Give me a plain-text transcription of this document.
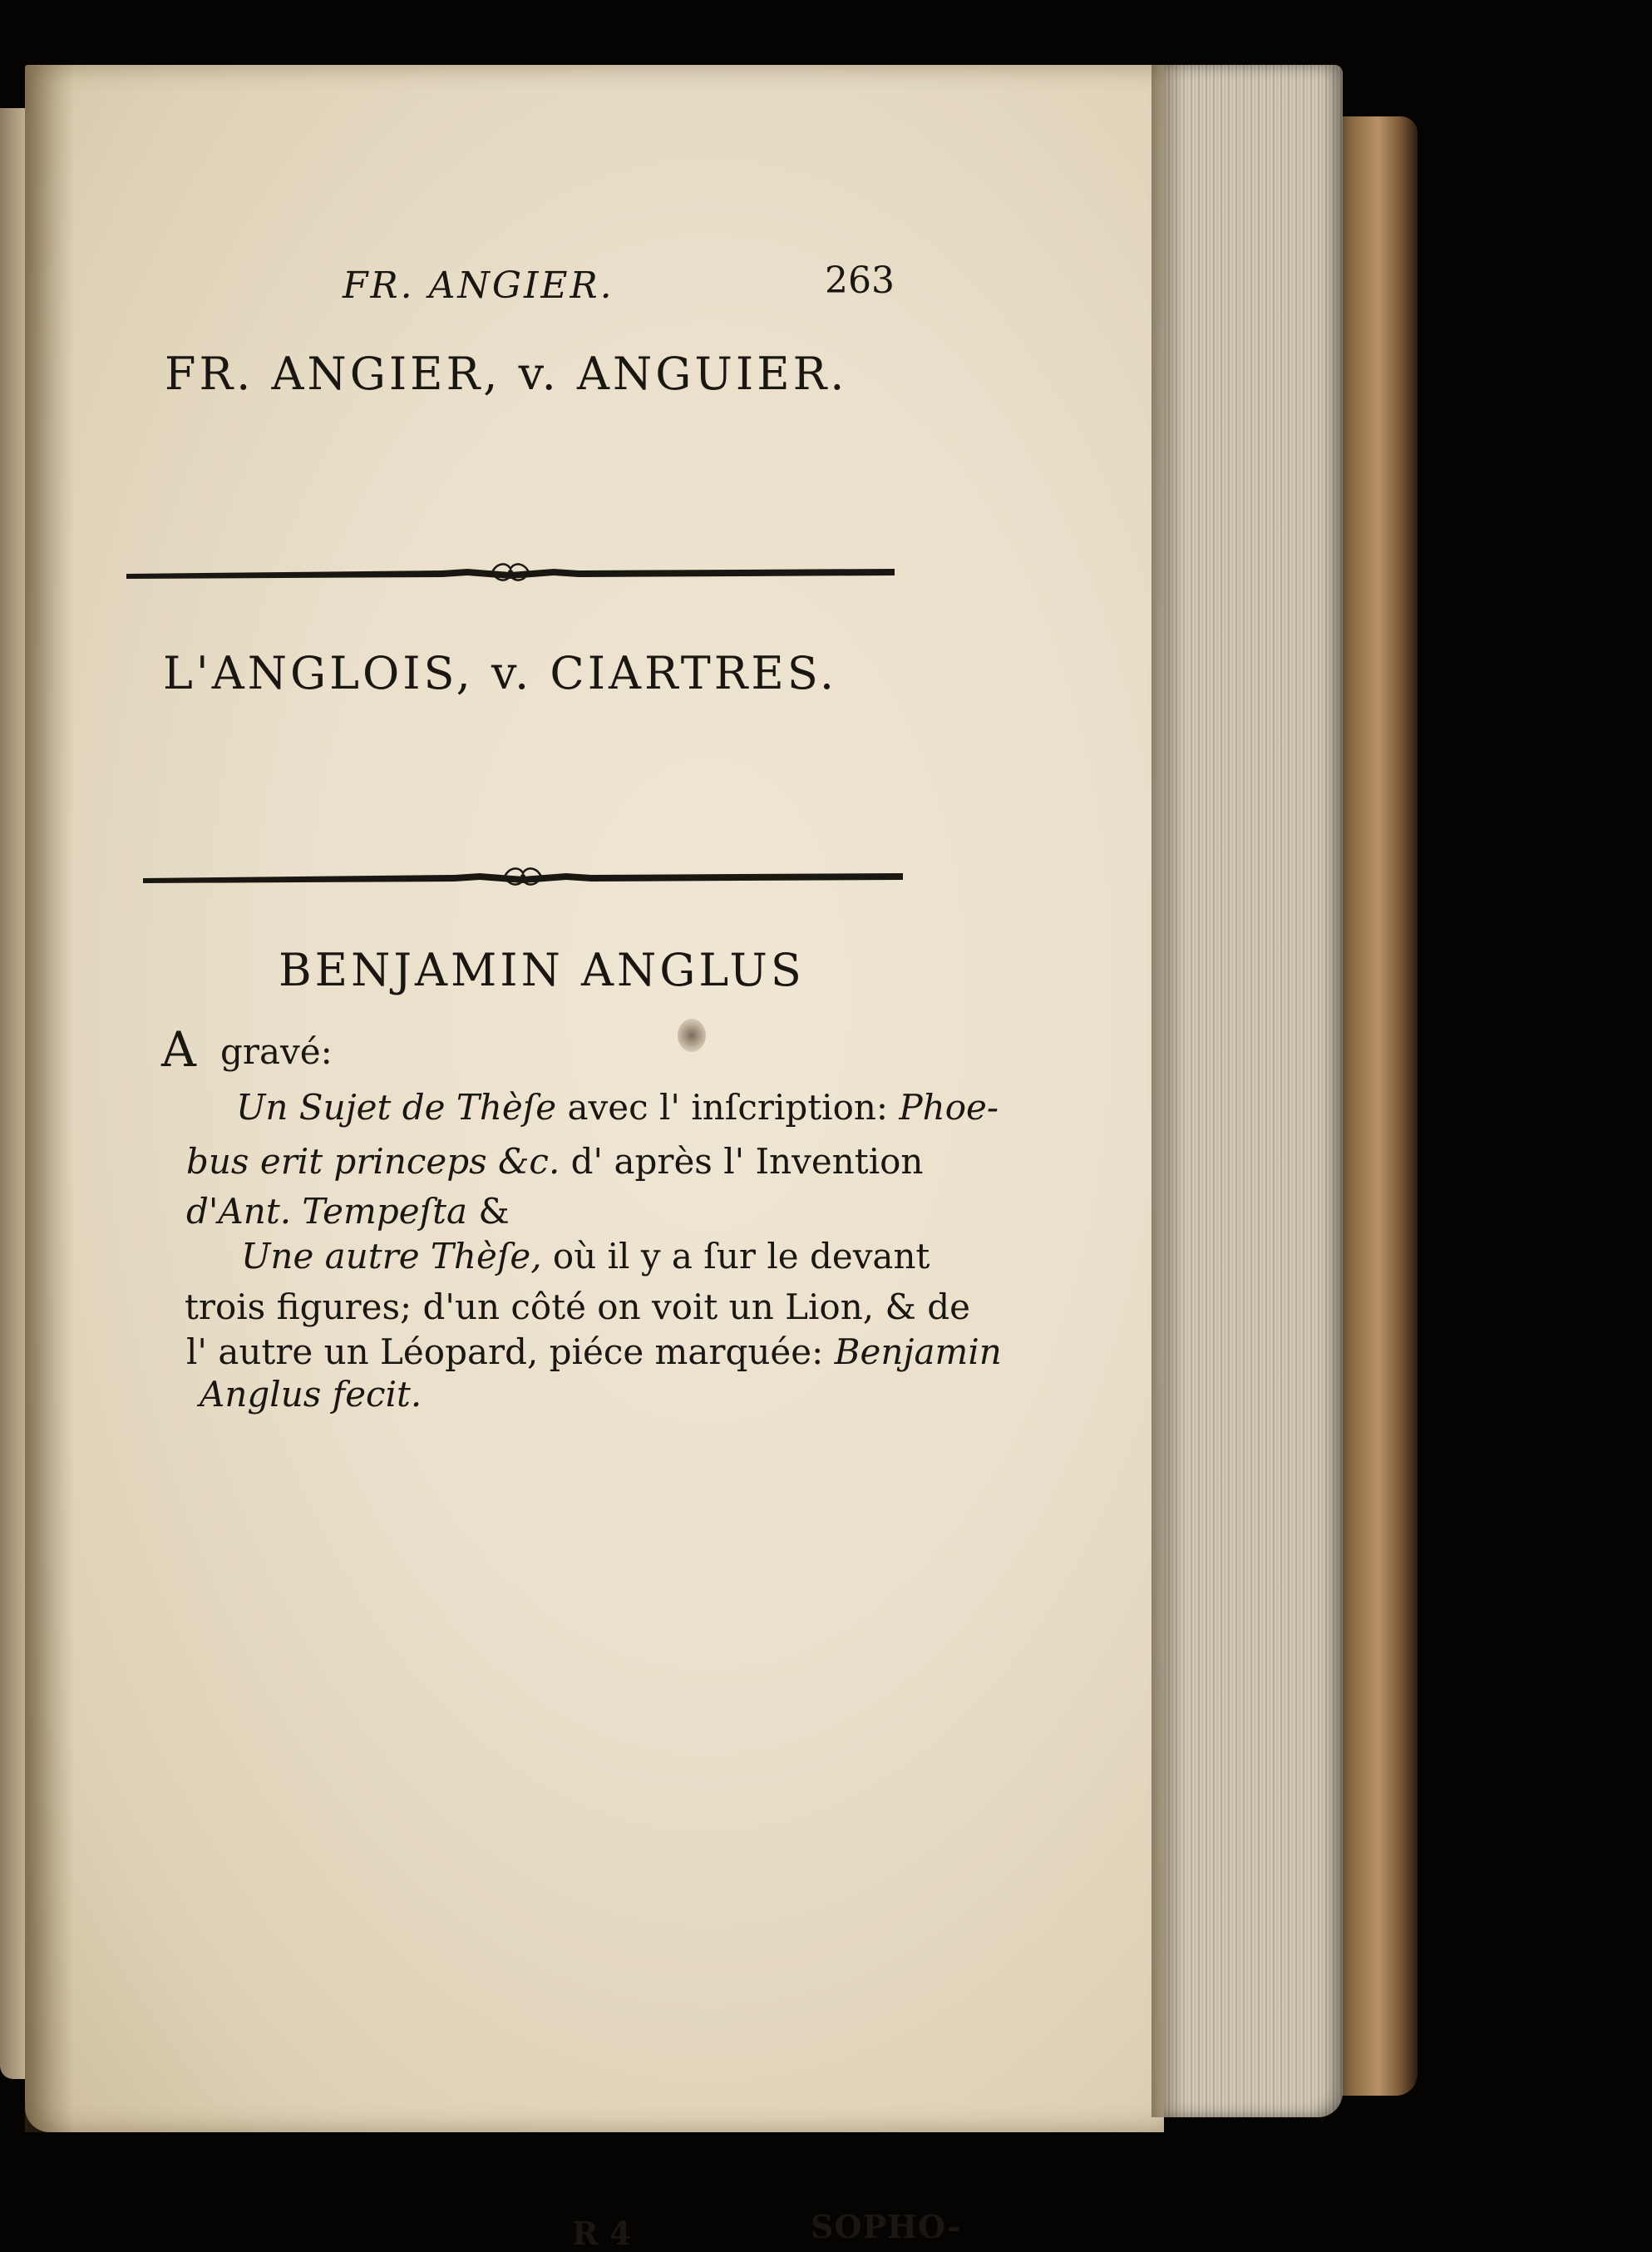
FR. ANGIER.	263
FR. ANGIER, v. ANGUIER.
L'ANGLOIS, v. CIARTRES.
BENJAMIN ANGLUS
A gravé:
Un Sujet de Thèſe avec l' inſcription: Phoe-
bus erit princeps &c. d' après l' Invention
d'Ant. Tempeſta &
Une autre Thèſe, où il y a ſur le devant
trois figures; d'un côté on voit un Lion, & de
l' autre un Léopard, piéce marquée: Benjamin
Anglus fecit.
R 4	SOPHO-
